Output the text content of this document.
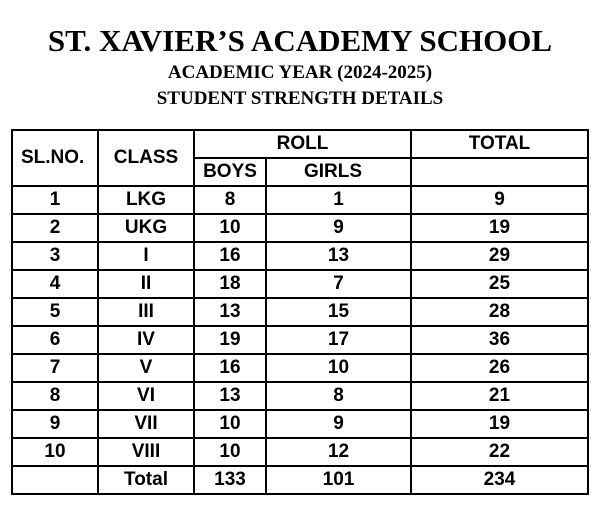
ST. XAVIER’S ACADEMY SCHOOL
ACADEMIC YEAR (2024-2025)
STUDENT STRENGTH DETAILS
SL.NO.	CLASS	ROLL		TOTAL
		BOYS	GIRLS	
1	LKG	8	1	9
2	UKG	10	9	19
3	I	16	13	29
4	II	18	7	25
5	III	13	15	28
6	IV	19	17	36
7	V	16	10	26
8	VI	13	8	21
9	VII	10	9	19
10	VIII	10	12	22
	Total	133	101	234
